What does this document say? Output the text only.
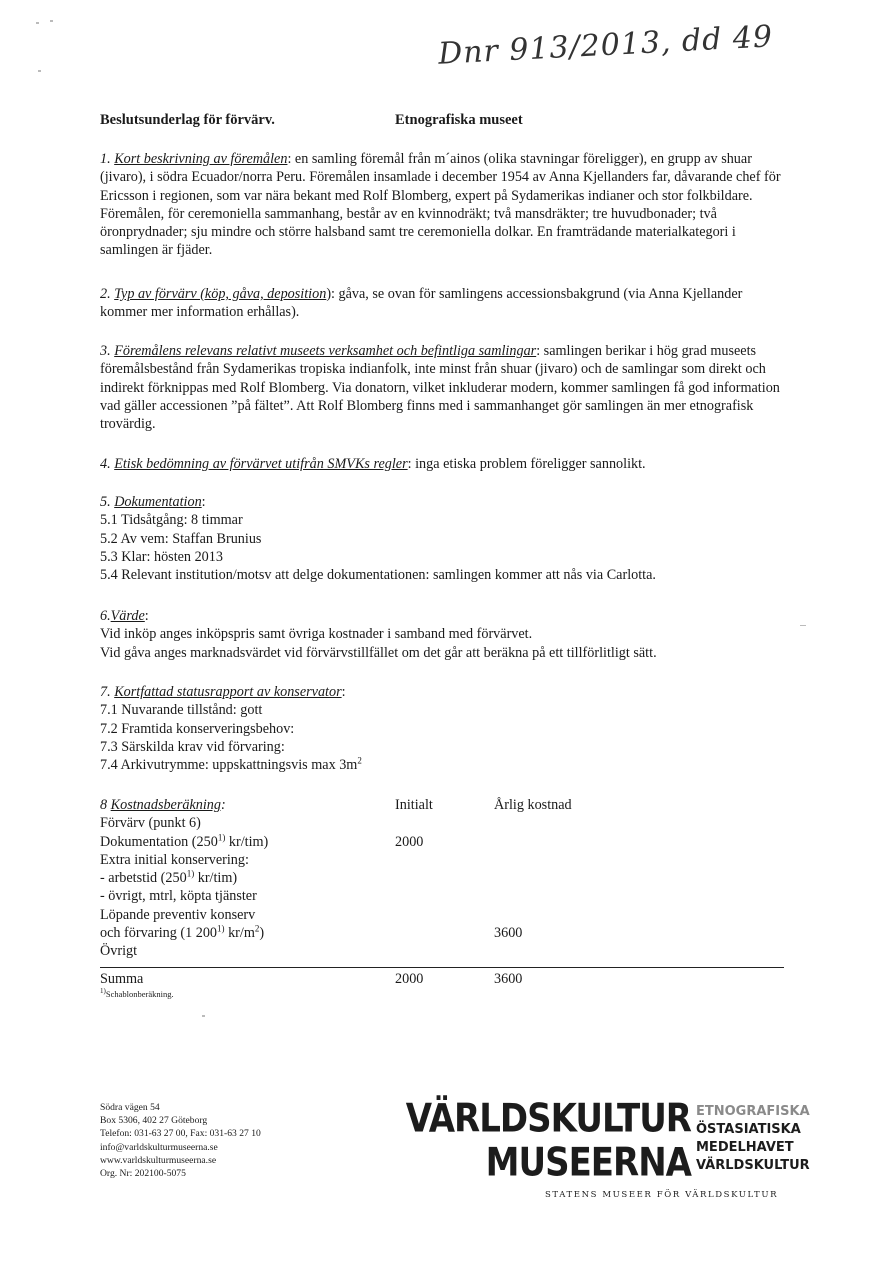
Dnr 913/2013, dd 49
Beslutsunderlag för förvärv.	Etnografiska museet

1. Kort beskrivning av föremålen: en samling föremål från m´ainos (olika stavningar föreligger), en grupp av shuar (jivaro), i södra Ecuador/norra Peru. Föremålen insamlade i december 1954 av Anna Kjellanders far, dåvarande chef för Ericsson i regionen, som var nära bekant med Rolf Blomberg, expert på Sydamerikas indianer och stor folkbildare. Föremålen, för ceremoniella sammanhang, består av en kvinnodräkt; två mansdräkter; tre huvudbonader; två öronprydnader; sju mindre och större halsband samt tre ceremoniella dolkar. En framträdande materialkategori i samlingen är fjäder.

2. Typ av förvärv (köp, gåva, deposition): gåva, se ovan för samlingens accessionsbakgrund (via Anna Kjellander kommer mer information erhållas).

3. Föremålens relevans relativt museets verksamhet och befintliga samlingar: samlingen berikar i hög grad museets föremålsbestånd från Sydamerikas tropiska indianfolk, inte minst från shuar (jivaro) och de samlingar som direkt och indirekt förknippas med Rolf Blomberg. Via donatorn, vilket inkluderar modern, kommer samlingen få god information vad gäller accessionen ”på fältet”. Att Rolf Blomberg finns med i sammanhanget gör samlingen än mer etnografisk trovärdig.

4. Etisk bedömning av förvärvet utifrån SMVKs regler: inga etiska problem föreligger sannolikt.

5. Dokumentation:
5.1 Tidsåtgång: 8 timmar
5.2 Av vem: Staffan Brunius
5.3 Klar: hösten 2013
5.4 Relevant institution/motsv att delge dokumentationen: samlingen kommer att nås via Carlotta.
6.Värde:
Vid inköp anges inköpspris samt övriga kostnader i samband med förvärvet.
Vid gåva anges marknadsvärdet vid förvärvstillfället om det går att beräkna på ett tillförlitligt sätt.
7. Kortfattad statusrapport av konservator:
7.1 Nuvarande tillstånd: gott
7.2 Framtida konserveringsbehov:
7.3 Särskilda krav vid förvaring:
7.4 Arkivutrymme: uppskattningsvis $\max 3m^2$
8 Kostnadsberäkning:	Initialt	Årlig kostnad
Förvärv (punkt 6)		
Dokumentation (250$^{1)}$ kr/tim)	2000	
Extra initial konservering:		
- arbetstid (250$^{1)}$ kr/tim)		
- övrigt, mtrl, köpta tjänster		
Löpande preventiv konserv		
och förvaring (1 200$^{1)}$ $kr/m^2$)		3600
Övrigt		
Summa	2000	3600
$^{1)}$Schablonberäkning.
Södra vägen 54
Box 5306, 402 27 Göteborg
Telefon: 031-63 27 00, Fax: 031-63 27 10
info@varldskulturmuseerna.se
www.varldskulturmuseerna.se
Org. Nr: 202100-5075
VÄRLDSKULTUR
MUSEERNA
ETNOGRAFISKA
ÖSTASIATISKA
MEDELHAVET
VÄRLDSKULTUR
STATENS MUSEER FÖR VÄRLDSKULTUR
